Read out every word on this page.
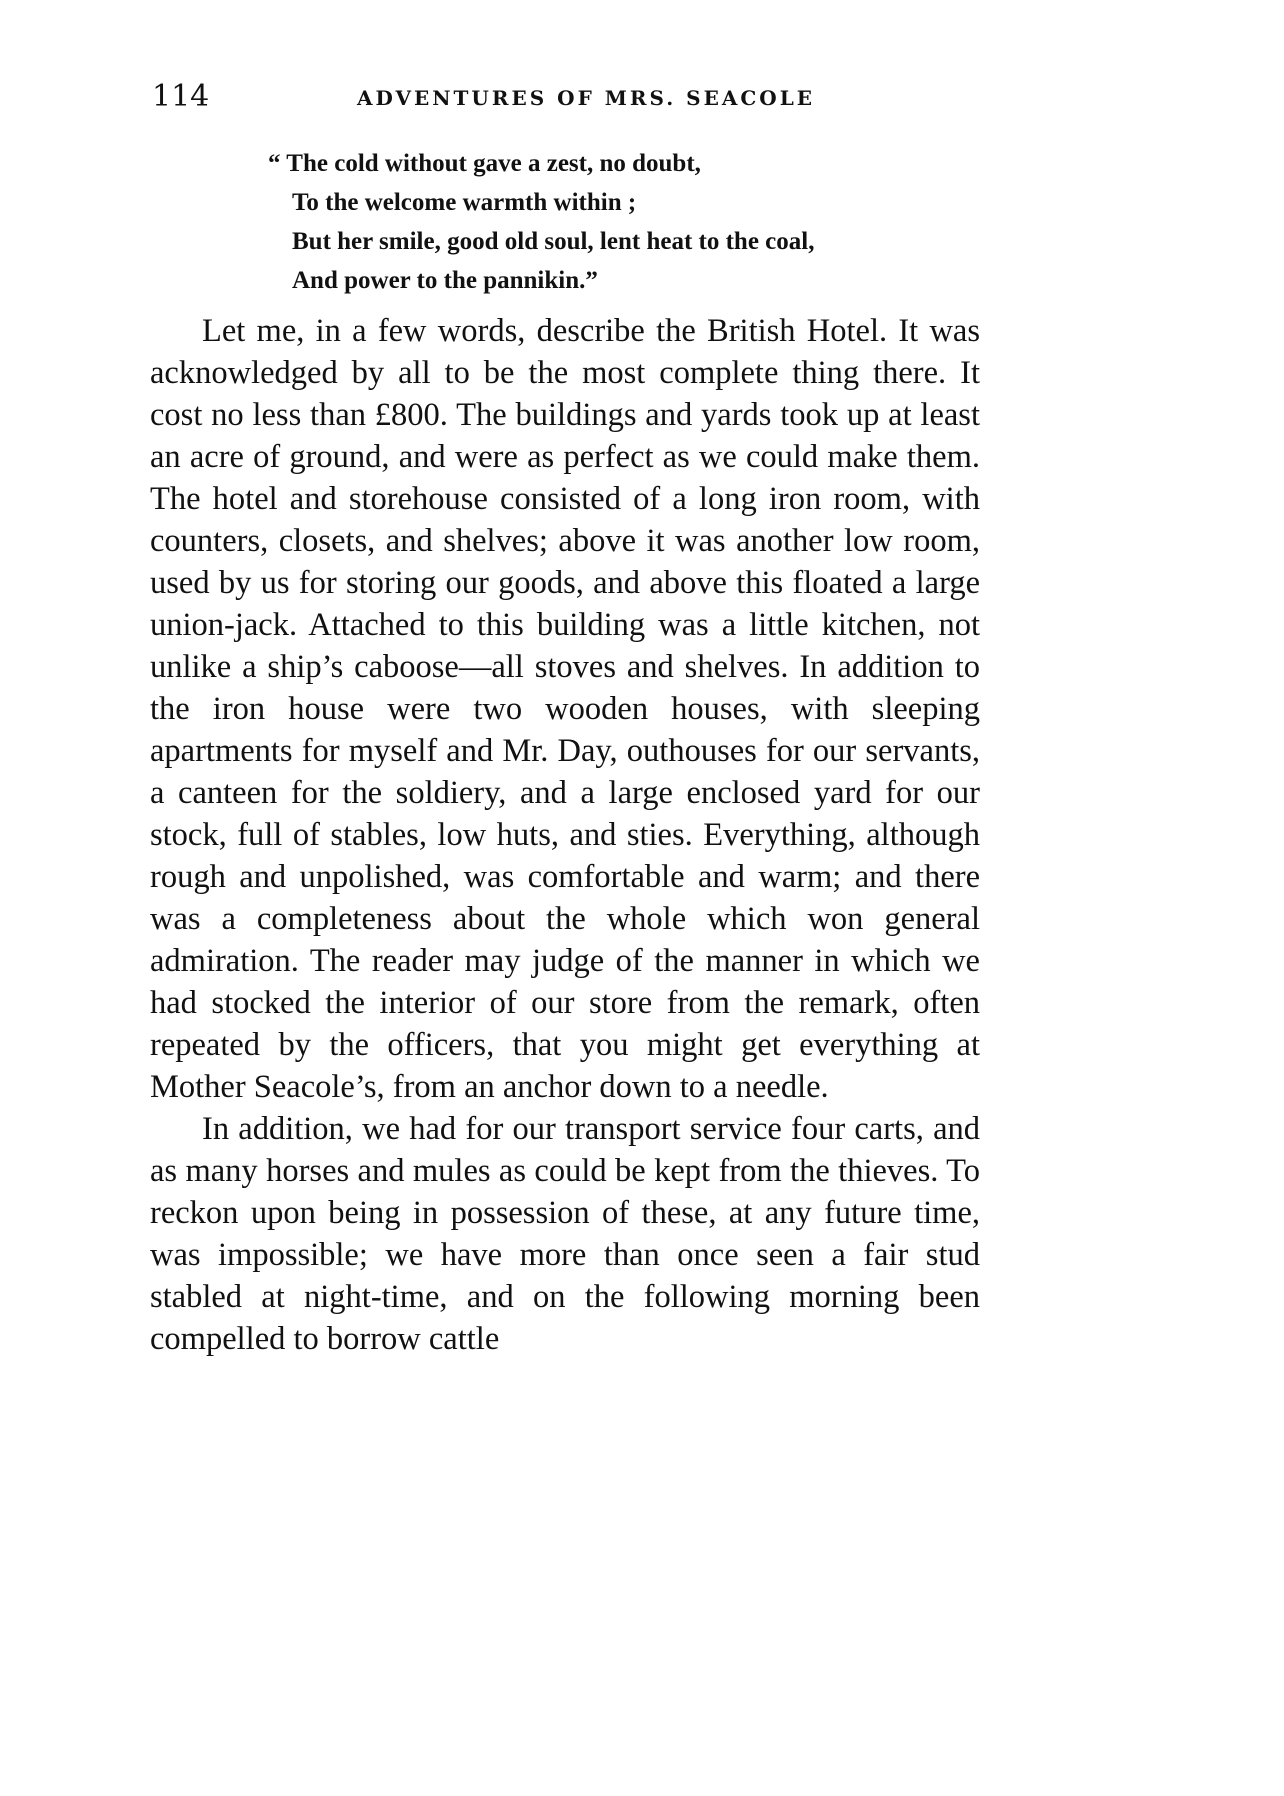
114	ADVENTURES OF MRS. SEACOLE
“ The cold without gave a zest, no doubt,
To the welcome warmth within ;
But her smile, good old soul, lent heat to the coal,
And power to the pannikin.”

Let me, in a few words, describe the British Hotel. It was acknowledged by all to be the most complete thing there. It cost no less than £800. The buildings and yards took up at least an acre of ground, and were as perfect as we could make them. The hotel and storehouse consisted of a long iron room, with counters, closets, and shelves; above it was another low room, used by us for storing our goods, and above this floated a large union-jack. Attached to this building was a little kitchen, not unlike a ship’s caboose—all stoves and shelves. In addition to the iron house were two wooden houses, with sleeping apartments for myself and Mr. Day, outhouses for our servants, a canteen for the soldiery, and a large enclosed yard for our stock, full of stables, low huts, and sties. Everything, although rough and unpolished, was comfortable and warm; and there was a completeness about the whole which won general admiration. The reader may judge of the manner in which we had stocked the interior of our store from the remark, often repeated by the officers, that you might get everything at Mother Seacole’s, from an anchor down to a needle.

In addition, we had for our transport service four carts, and as many horses and mules as could be kept from the thieves. To reckon upon being in possession of these, at any future time, was impossible; we have more than once seen a fair stud stabled at night-time, and on the following morning been compelled to borrow cattle
